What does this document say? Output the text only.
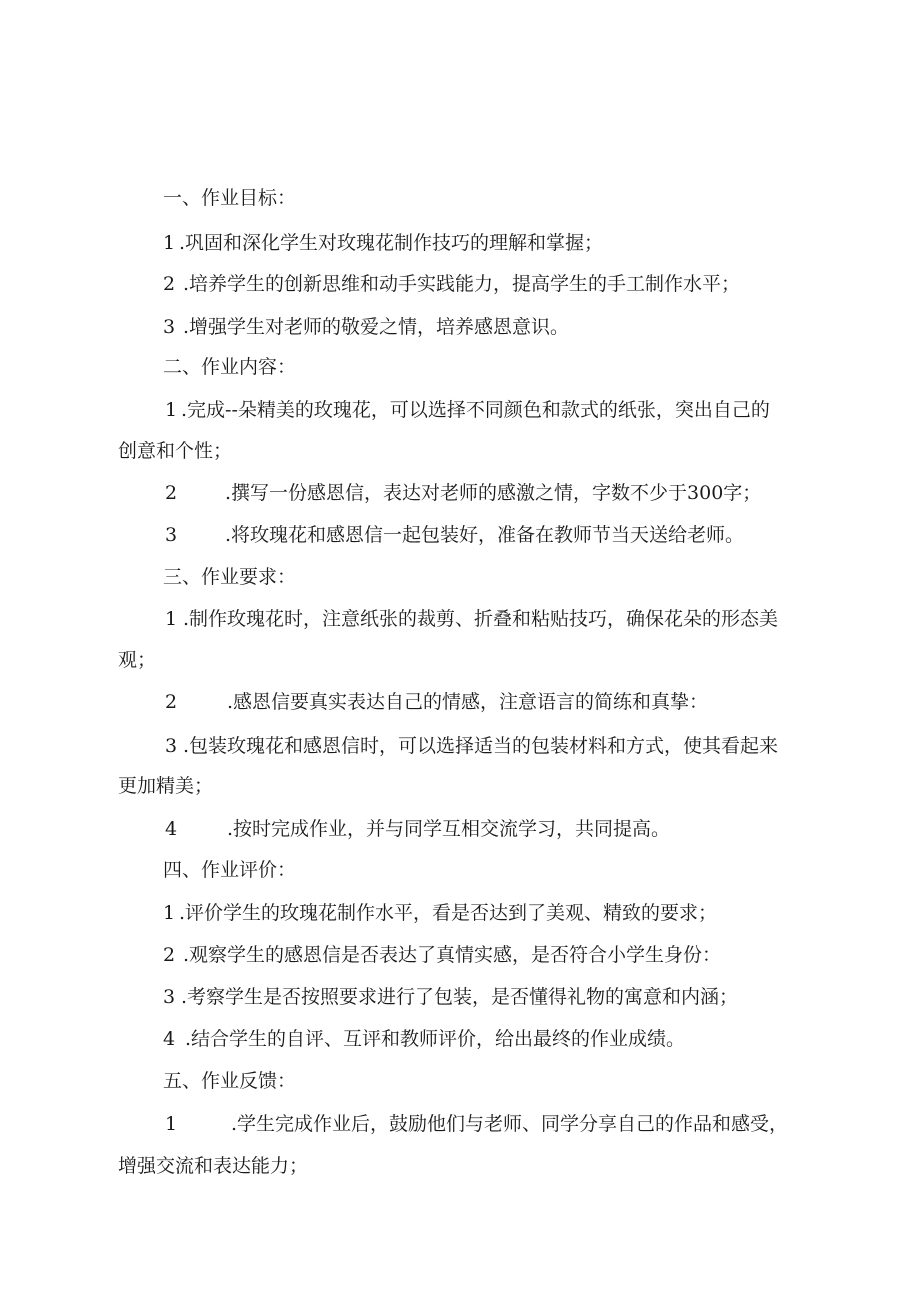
一、作业目标：
1 .巩固和深化学生对玫瑰花制作技巧的理解和掌握；
2 .培养学生的创新思维和动手实践能力，提高学生的手工制作水平；
3 .增强学生对老师的敬爱之情，培养感恩意识。
二、作业内容：
1 .完成--朵精美的玫瑰花，可以选择不同颜色和款式的纸张，突出自己的
创意和个性；
2	.撰写一份感恩信，表达对老师的感激之情，字数不少于300字；
3	.将玫瑰花和感恩信一起包装好，准备在教师节当天送给老师。
三、作业要求：
1 .制作玫瑰花时，注意纸张的裁剪、折叠和粘贴技巧，确保花朵的形态美
观；
2	.感恩信要真实表达自己的情感，注意语言的简练和真挚：
3 .包装玫瑰花和感恩信时，可以选择适当的包装材料和方式，使其看起来
更加精美；
4	.按时完成作业，并与同学互相交流学习，共同提高。
四、作业评价：
1 .评价学生的玫瑰花制作水平，看是否达到了美观、精致的要求；
2 .观察学生的感恩信是否表达了真情实感，是否符合小学生身份：
3 .考察学生是否按照要求进行了包装，是否懂得礼物的寓意和内涵；
4 .结合学生的自评、互评和教师评价，给出最终的作业成绩。
五、作业反馈：
1	.学生完成作业后，鼓励他们与老师、同学分享自己的作品和感受，
增强交流和表达能力；
